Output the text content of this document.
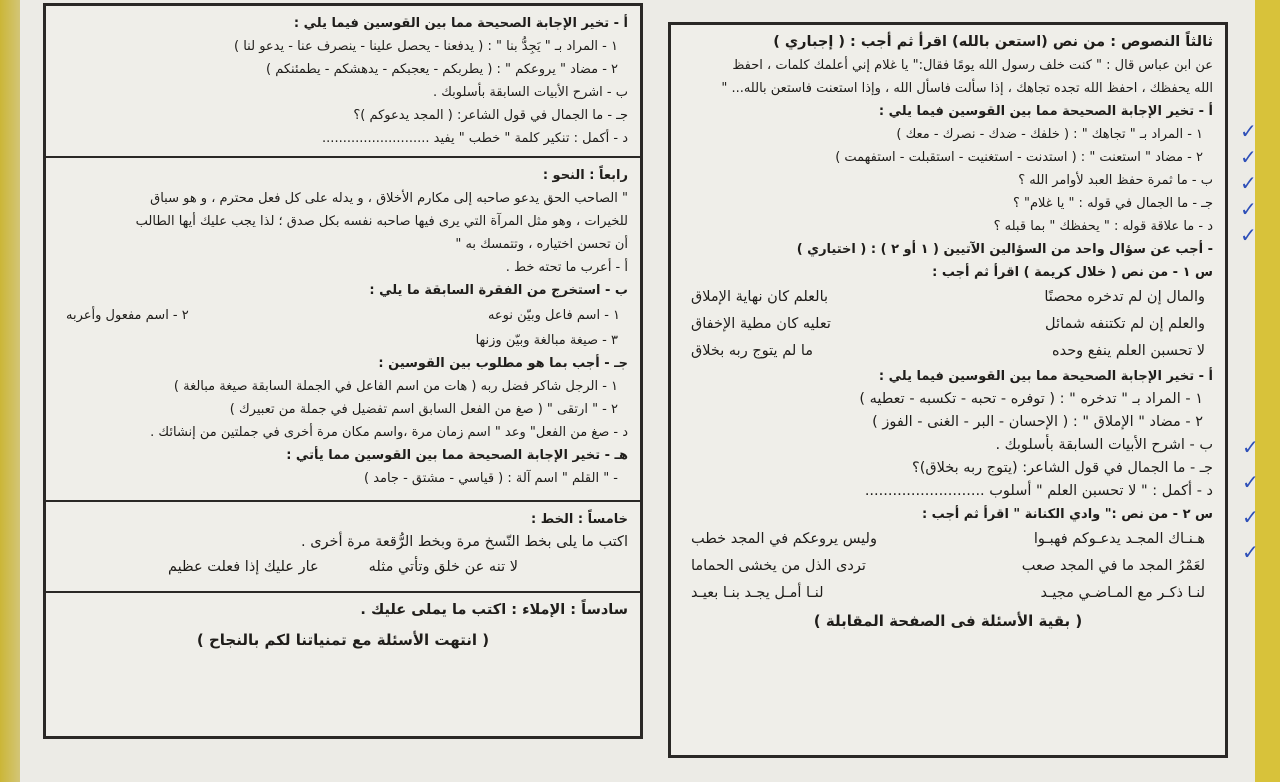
ثالثاً النصوص : من نص (استعن بالله) اقرأ ثم أجب : ( إجباري )
عن ابن عباس قال : " كنت خلف رسول الله يومًا فقال:" يا غلام إني أعلمك كلمات ، احفظ
الله يحفظك ، احفظ الله تجده تجاهك ، إذا سألت فاسأل الله ، وإذا استعنت فاستعن بالله... "
أ - تخير الإجابة الصحيحة مما بين القوسين فيما يلي :
١ - المراد بـ " تجاهك " : ( خلفك - ضدك - نصرك - معك )
٢ - مضاد " استعنت " : ( استدنت - استغنيت - استقبلت - استفهمت )
ب - ما ثمرة حفظ العبد لأوامر الله ؟
جـ - ما الجمال في قوله : " يا غلام" ؟
د - ما علاقة قوله : " يحفظك " بما قبله ؟
- أجب عن سؤال واحد من السؤالين الآتيين ( ١ أو ٢ ) : ( اختياري )
س ١ - من نص ( خلال كريمة ) اقرأ ثم أجب :
والمال إن لم تدخره محصنًا
بالعلم كان نهاية الإملاق
والعلم إن لم تكتنفه شمائل
تعليه كان مطية الإخفاق
لا تحسبن العلم ينفع وحده
ما لم يتوج ربه بخلاق
أ - تخير الإجابة الصحيحة مما بين القوسين فيما يلي :
١ - المراد بـ " تدخره " : ( توفره - تحبه - تكسبه - تعطيه )
٢ - مضاد " الإملاق " : ( الإحسان - البر - الغنى - الفوز )
ب - اشرح الأبيات السابقة بأسلوبك .
جـ - ما الجمال في قول الشاعر: (يتوج ربه بخلاق)؟
د - أكمل : " لا تحسبن العلم " أسلوب ..........................
س ٢ - من نص :" وادي الكنانة " اقرأ ثم أجب :
هـنـاك المجـد يدعـوكم فهبـوا
وليس يروعكم في المجد خطب
لعَمْرُ المجد ما في المجد صعب
تردى الذل من يخشى الحماما
لنـا ذكـر مع المـاضـي مجيـد
لنـا أمـل يجـد بنـا بعيـد
( بقية الأسئلة فى الصفحة المقابلة )
✓
✓
✓
✓
✓
✓
✓
✓
✓
أ - تخير الإجابة الصحيحة مما بين القوسين فيما يلي :
١ - المراد بـ " يَجِدُّ بنا " : ( يدفعنا - يحصل علينا - ينصرف عنا - يدعو لنا )
٢ - مضاد " يروعكم " : ( يطربكم - يعجبكم - يدهشكم - يطمئنكم )
ب - اشرح الأبيات السابقة بأسلوبك .
جـ - ما الجمال في قول الشاعر: ( المجد يدعوكم )؟
د - أكمل : تنكير كلمة " خطب " يفيد ..........................
رابعاً : النحو :
" الصاحب الحق يدعو صاحبه إلى مكارم الأخلاق ، و يدله على كل فعل محترم ، و هو سباق
للخيرات ، وهو مثل المرآة التي يرى فيها صاحبه نفسه بكل صدق ؛ لذا يجب عليك أيها الطالب
أن تحسن اختياره ، وتتمسك به "
أ - أعرب ما تحته خط .
ب - استخرج من الفقرة السابقة ما يلي :
١ - اسم فاعل وبيّن نوعه
٢ - اسم مفعول وأعربه
٣ - صيغة مبالغة وبيّن وزنها
جـ - أجب بما هو مطلوب بين القوسين :
١ - الرجل شاكر فضل ربه ( هات من اسم الفاعل في الجملة السابقة صيغة مبالغة )
٢ - " ارتقى " ( صغ من الفعل السابق اسم تفضيل في جملة من تعبيرك )
د - صغ من الفعل" وعد " اسم زمان مرة ،واسم مكان مرة أخرى في جملتين من إنشائك .
هـ - تخير الإجابة الصحيحة مما بين القوسين مما يأتي :
- " القلم " اسم آلة : ( قياسي - مشتق - جامد )
خامساً : الخط :
اكتب ما يلى بخط النّسخ مرة وبخط الرُّقعة مرة أخرى .
لا تنه عن خلق وتأتي مثله
عار عليك إذا فعلت عظيم
سادساً : الإملاء : اكتب ما يملى عليك .
( انتهت الأسئلة مع تمنياتنا لكم بالنجاح )
